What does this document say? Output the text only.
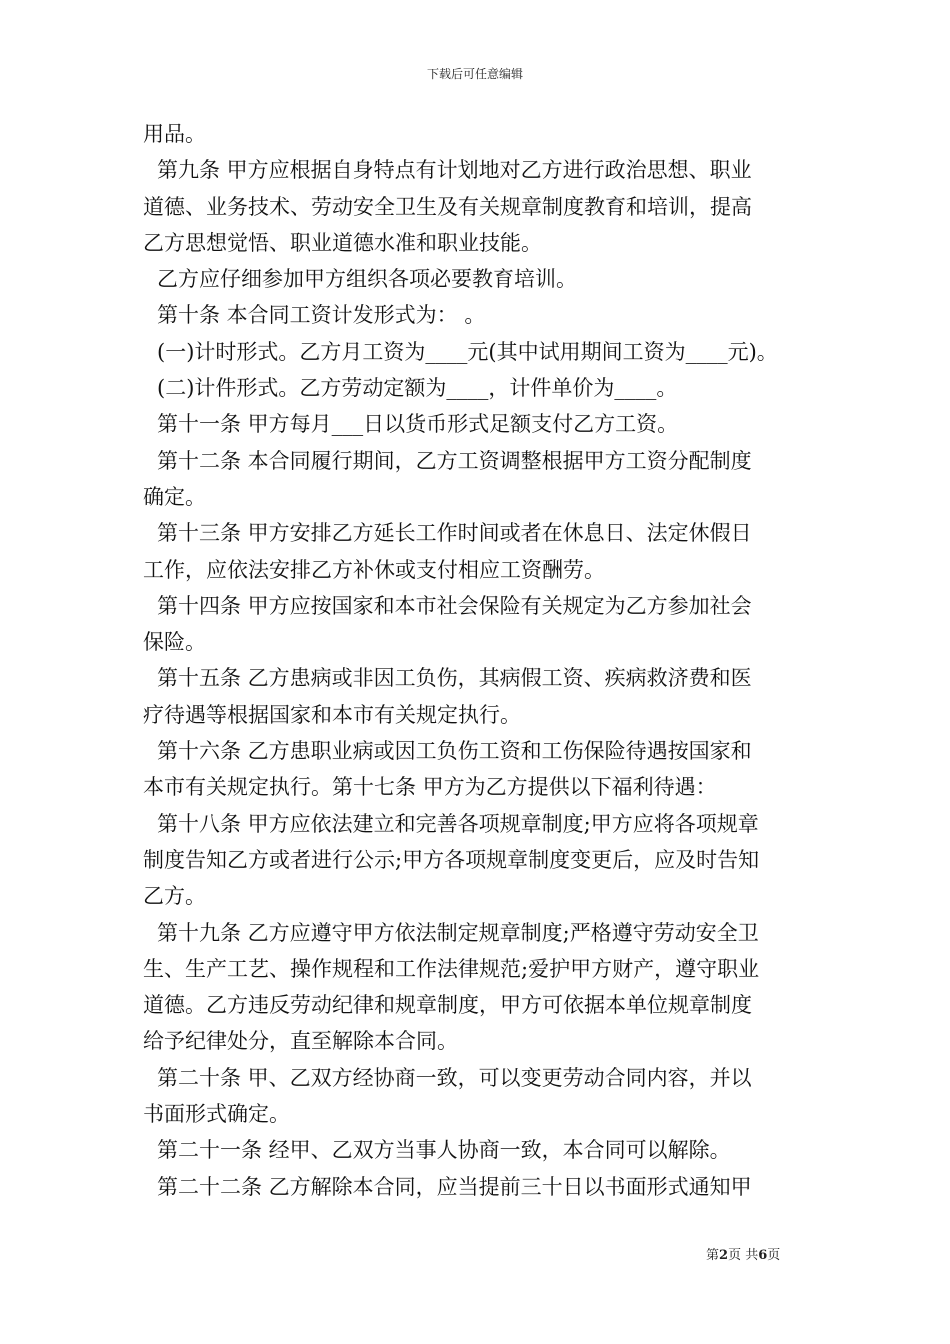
下载后可任意编辑
用品。
第九条 甲方应根据自身特点有计划地对乙方进行政治思想、职业
道德、业务技术、劳动安全卫生及有关规章制度教育和培训，提高
乙方思想觉悟、职业道德水准和职业技能。
乙方应仔细参加甲方组织各项必要教育培训。
第十条 本合同工资计发形式为： 。
(一)计时形式。乙方月工资为____元(其中试用期间工资为____元)。
(二)计件形式。乙方劳动定额为____，计件单价为____。
第十一条 甲方每月___日以货币形式足额支付乙方工资。
第十二条 本合同履行期间，乙方工资调整根据甲方工资分配制度
确定。
第十三条 甲方安排乙方延长工作时间或者在休息日、法定休假日
工作，应依法安排乙方补休或支付相应工资酬劳。
第十四条 甲方应按国家和本市社会保险有关规定为乙方参加社会
保险。
第十五条 乙方患病或非因工负伤，其病假工资、疾病救济费和医
疗待遇等根据国家和本市有关规定执行。
第十六条 乙方患职业病或因工负伤工资和工伤保险待遇按国家和
本市有关规定执行。第十七条 甲方为乙方提供以下福利待遇：
第十八条 甲方应依法建立和完善各项规章制度;甲方应将各项规章
制度告知乙方或者进行公示;甲方各项规章制度变更后，应及时告知
乙方。
第十九条 乙方应遵守甲方依法制定规章制度;严格遵守劳动安全卫
生、生产工艺、操作规程和工作法律规范;爱护甲方财产，遵守职业
道德。乙方违反劳动纪律和规章制度，甲方可依据本单位规章制度
给予纪律处分，直至解除本合同。
第二十条 甲、乙双方经协商一致，可以变更劳动合同内容，并以
书面形式确定。
第二十一条 经甲、乙双方当事人协商一致，本合同可以解除。
第二十二条 乙方解除本合同，应当提前三十日以书面形式通知甲
第2页 共6页
